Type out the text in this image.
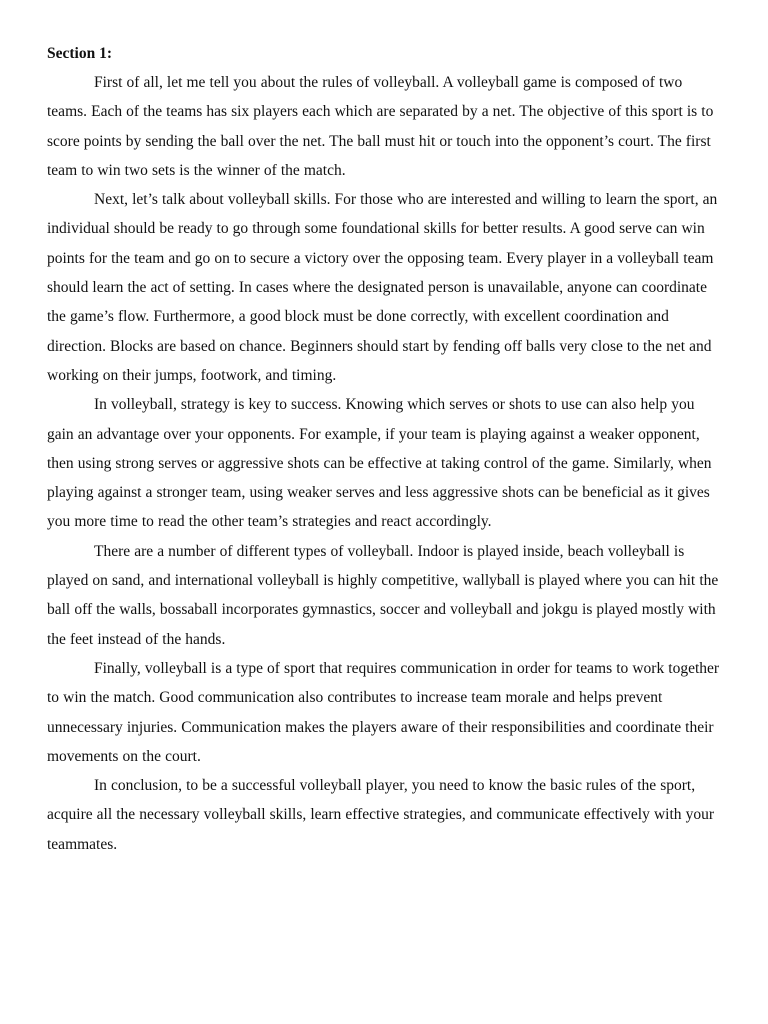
Section 1:

First of all, let me tell you about the rules of volleyball. A volleyball game is composed of two teams. Each of the teams has six players each which are separated by a net. The objective of this sport is to score points by sending the ball over the net. The ball must hit or touch into the opponent’s court. The first team to win two sets is the winner of the match.

Next, let’s talk about volleyball skills. For those who are interested and willing to learn the sport, an individual should be ready to go through some foundational skills for better results. A good serve can win points for the team and go on to secure a victory over the opposing team. Every player in a volleyball team should learn the act of setting. In cases where the designated person is unavailable, anyone can coordinate the game’s flow. Furthermore, a good block must be done correctly, with excellent coordination and direction. Blocks are based on chance. Beginners should start by fending off balls very close to the net and working on their jumps, footwork, and timing.

In volleyball, strategy is key to success. Knowing which serves or shots to use can also help you gain an advantage over your opponents. For example, if your team is playing against a weaker opponent, then using strong serves or aggressive shots can be effective at taking control of the game. Similarly, when playing against a stronger team, using weaker serves and less aggressive shots can be beneficial as it gives you more time to read the other team’s strategies and react accordingly.

There are a number of different types of volleyball. Indoor is played inside, beach volleyball is played on sand, and international volleyball is highly competitive, wallyball is played where you can hit the ball off the walls, bossaball incorporates gymnastics, soccer and volleyball and jokgu is played mostly with the feet instead of the hands.

Finally, volleyball is a type of sport that requires communication in order for teams to work together to win the match. Good communication also contributes to increase team morale and helps prevent unnecessary injuries. Communication makes the players aware of their responsibilities and coordinate their movements on the court.

In conclusion, to be a successful volleyball player, you need to know the basic rules of the sport, acquire all the necessary volleyball skills, learn effective strategies, and communicate effectively with your teammates.
